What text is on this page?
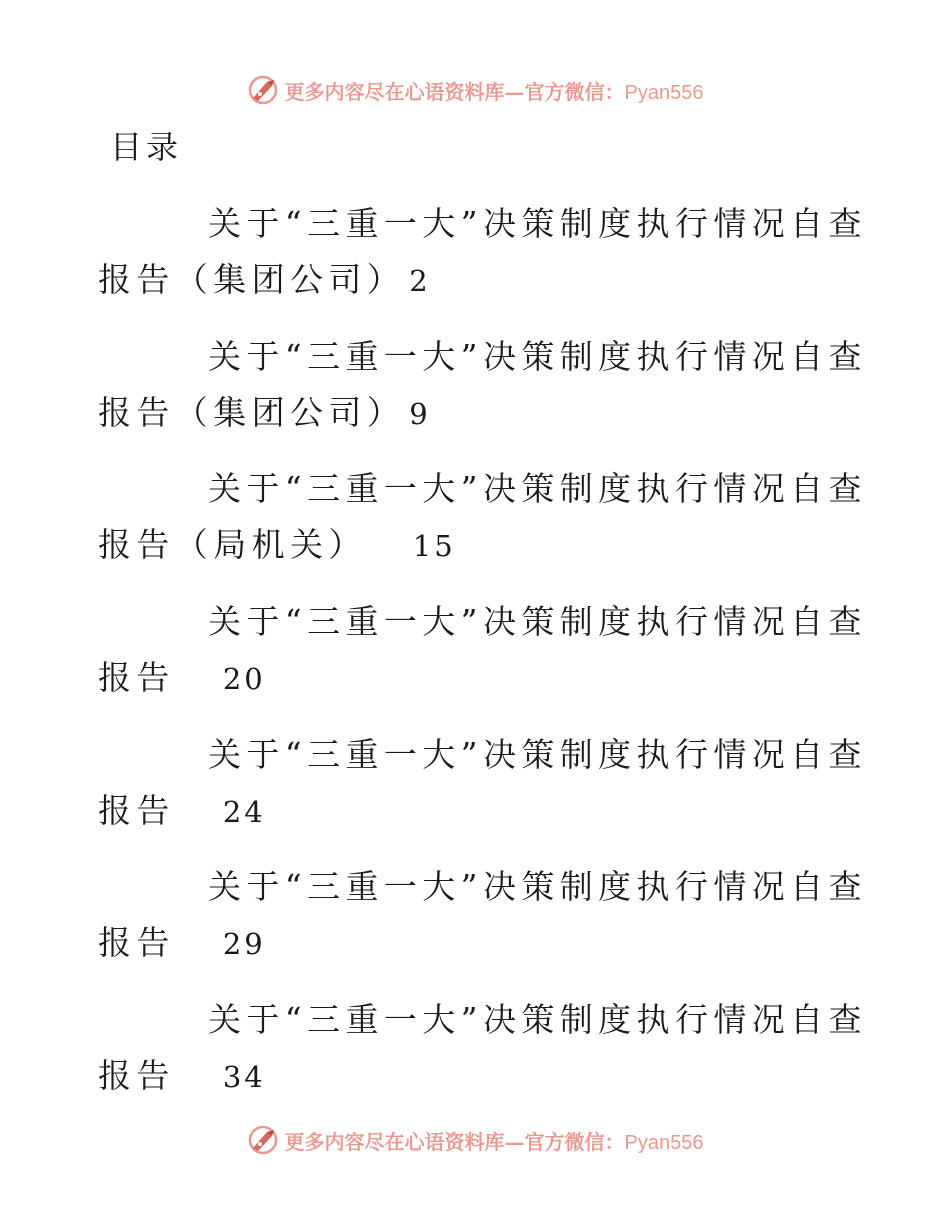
更多内容尽在心语资料库—官方微信：Pyan556
目录
关于“三重一大”决策制度执行情况自查
报告（集团公司） 2
关于“三重一大”决策制度执行情况自查
报告（集团公司） 9
关于“三重一大”决策制度执行情况自查
报告（局机关） 15
关于“三重一大”决策制度执行情况自查
报告 20
关于“三重一大”决策制度执行情况自查
报告 24
关于“三重一大”决策制度执行情况自查
报告 29
关于“三重一大”决策制度执行情况自查
报告 34
更多内容尽在心语资料库—官方微信：Pyan556
